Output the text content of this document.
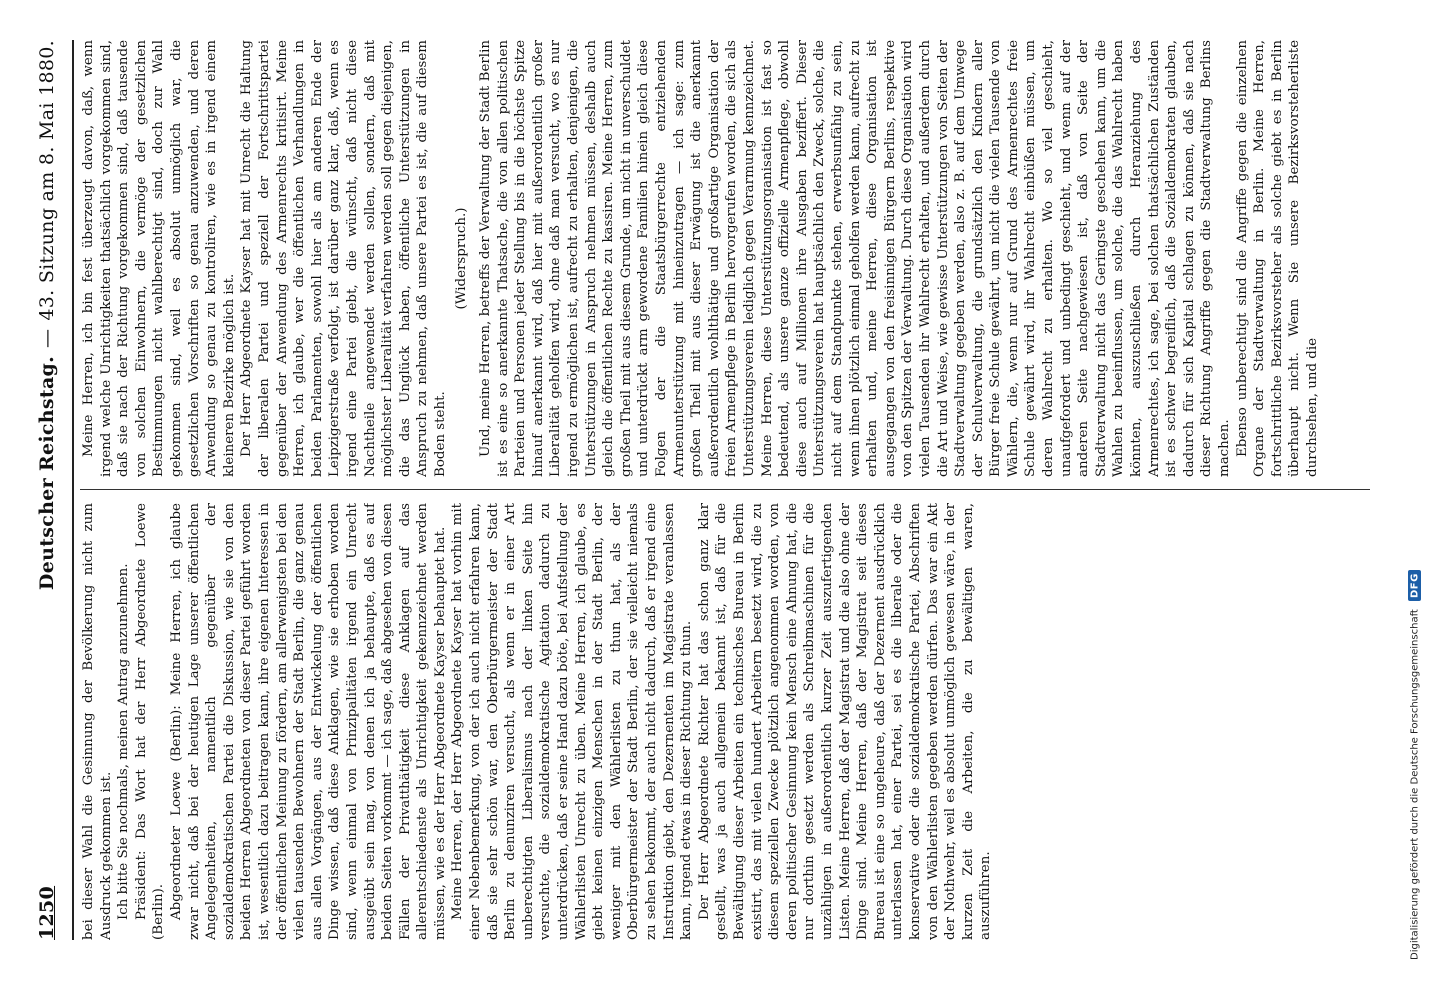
1250
Deutscher Reichstag.
—
43. Sitzung am 8. Mai 1880.

bei dieser Wahl die Gesinnung der Bevölkerung nicht zum Ausdruck gekommen ist. Ich bitte Sie nochmals, meinen Antrag anzunehmen. Präsident: Das Wort hat der Herr Abgeordnete Loewe (Berlin). Abgeordneter Loewe (Berlin): Meine Herren, ich glaube zwar nicht, daß bei der heutigen Lage unserer öffentlichen Angelegenheiten, namentlich gegenüber der sozialdemokratischen Partei die Diskussion, wie sie von den beiden Herren Abgeordneten von dieser Partei geführt worden ist, wesentlich dazu beitragen kann, ihre eigenen Interessen in der öffentlichen Meinung zu fördern, am allerwenigsten bei den vielen tausenden Bewohnern der Stadt Berlin, die ganz genau aus allen Vorgängen, aus der Entwickelung der öffentlichen Dinge wissen, daß diese Anklagen, wie sie erhoben worden sind, wenn einmal von Prinzipalitäten irgend ein Unrecht ausgeübt sein mag, von denen ich ja behaupte, daß es auf beiden Seiten vorkommt — ich sage, daß abgesehen von diesen Fällen der Privatthätigkeit diese Anklagen auf das allerentschiedenste als Unrichtigkeit gekennzeichnet werden müssen, wie es der Herr Abgeordnete Kayser behauptet hat. Meine Herren, der Herr Abgeordnete Kayser hat vorhin mit einer Nebenbemerkung, von der ich auch nicht erfahren kann, daß sie sehr schön war, den Oberbürgermeister der Stadt Berlin zu denunziren versucht, als wenn er in einer Art unberechtigten Liberalismus nach der linken Seite hin versuchte, die sozialdemokratische Agitation dadurch zu unterdrücken, daß er seine Hand dazu böte, bei Aufstellung der Wählerlisten Unrecht zu üben. Meine Herren, ich glaube, es giebt keinen einzigen Menschen in der Stadt Berlin, der weniger mit den Wählerlisten zu thun hat, als der Oberbürgermeister der Stadt Berlin, der sie vielleicht niemals zu sehen bekommt, der auch nicht dadurch, daß er irgend eine Instruktion giebt, den Dezernenten im Magistrate veranlassen kann, irgend etwas in dieser Richtung zu thun. Der Herr Abgeordnete Richter hat das schon ganz klar gestellt, was ja auch allgemein bekannt ist, daß für die Bewältigung dieser Arbeiten ein technisches Bureau in Berlin existirt, das mit vielen hundert Arbeitern besetzt wird, die zu diesem speziellen Zwecke plötzlich angenommen worden, von deren politischer Gesinnung kein Mensch eine Ahnung hat, die nur dorthin gesetzt werden als Schreibmaschinen für die unzähligen in außerordentlich kurzer Zeit auszufertigenden Listen. Meine Herren, daß der Magistrat und die also ohne der Dinge sind. Meine Herren, daß der Magistrat seit dieses Bureau ist eine so ungeheure, daß der Dezernent ausdrücklich unterlassen hat, einer Partei, sei es die liberale oder die konservative oder die sozialdemokratische Partei, Abschriften von den Wählerlisten gegeben werden dürfen. Das war ein Akt der Nothwehr, weil es absolut unmöglich gewesen wäre, in der kurzen Zeit die Arbeiten, die zu bewältigen waren, auszuführen.

Meine Herren, ich bin fest überzeugt davon, daß, wenn irgend welche Unrichtigkeiten thatsächlich vorgekommen sind, daß sie nach der Richtung vorgekommen sind, daß tausende von solchen Einwohnern, die vermöge der gesetzlichen Bestimmungen nicht wahlberechtigt sind, doch zur Wahl gekommen sind, weil es absolut unmöglich war, die gesetzlichen Vorschriften so genau anzuwenden, und deren Anwendung so genau zu kontroliren, wie es in irgend einem kleineren Bezirke möglich ist. Der Herr Abgeordnete Kayser hat mit Unrecht die Haltung der liberalen Partei und speziell der Fortschrittspartei gegenüber der Anwendung des Armenrechts kritisirt. Meine Herren, ich glaube, wer die öffentlichen Verhandlungen in beiden Parlamenten, sowohl hier als am anderen Ende der Leipzigerstraße verfolgt, ist darüber ganz klar, daß, wenn es irgend eine Partei giebt, die wünscht, daß nicht diese Nachtheile angewendet werden sollen, sondern, daß mit möglichster Liberalität verfahren werden soll gegen diejenigen, die das Unglück haben, öffentliche Unterstützungen in Anspruch zu nehmen, daß unsere Partei es ist, die auf diesem Boden steht.

(Widerspruch.) Und, meine Herren, betreffs der Verwaltung der Stadt Berlin ist es eine so anerkannte Thatsache, die von allen politischen Parteien und Personen jeder Stellung bis in die höchste Spitze hinauf anerkannt wird, daß hier mit außerordentlich großer Liberalität geholfen wird, ohne daß man versucht, wo es nur irgend zu ermöglichen ist, aufrecht zu erhalten, denjenigen, die Unterstützungen in Anspruch nehmen müssen, deshalb auch gleich die öffentlichen Rechte zu kassiren. Meine Herren, zum großen Theil mit aus diesem Grunde, um nicht in unverschuldet und unterdrückt arm gewordene Familien hinein gleich diese Folgen der die Staatsbürgerrechte entziehenden Armenunterstützung mit hineinzutragen — ich sage: zum großen Theil mit aus dieser Erwägung ist die anerkannt außerordentlich wohlthätige und großartige Organisation der freien Armenpflege in Berlin hervorgerufen worden, die sich als Unterstützungsverein lediglich gegen Verarmung kennzeichnet. Meine Herren, diese Unterstützungsorganisation ist fast so bedeutend, als unsere ganze offizielle Armenpflege, obwohl diese auch auf Millionen ihre Ausgaben beziffert. Dieser Unterstützungsverein hat hauptsächlich den Zweck, solche, die nicht auf dem Standpunkte stehen, erwerbsunfähig zu sein, wenn ihnen plötzlich einmal geholfen werden kann, aufrecht zu erhalten und, meine Herren, diese Organisation ist ausgegangen von den freisinnigen Bürgern Berlins, respektive von den Spitzen der Verwaltung. Durch diese Organisation wird vielen Tausenden ihr Wahlrecht erhalten, und außerdem durch die Art und Weise, wie gewisse Unterstützungen von Seiten der Stadtverwaltung gegeben werden, also z. B. auf dem Umwege der Schulverwaltung, die grundsätzlich den Kindern aller Bürger freie Schule gewährt, um nicht die vielen Tausende von Wählern, die, wenn nur auf Grund des Armenrechtes freie Schule gewährt wird, ihr Wahlrecht einbüßen müssen, um deren Wahlrecht zu erhalten. Wo so viel geschieht, unaufgefordert und unbedingt geschieht, und wenn auf der anderen Seite nachgewiesen ist, daß von Seite der Stadtverwaltung nicht das Geringste geschehen kann, um die Wahlen zu beeinflussen, um solche, die das Wahlrecht haben könnten, auszuschließen durch Heranziehung des Armenrechtes, ich sage, bei solchen thatsächlichen Zuständen ist es schwer begreiflich, daß die Sozialdemokraten glauben, dadurch für sich Kapital schlagen zu können, daß sie nach dieser Richtung Angriffe gegen die Stadtverwaltung Berlins machen. Ebenso unberechtigt sind die Angriffe gegen die einzelnen Organe der Stadtverwaltung in Berlin. Meine Herren, fortschrittliche Bezirksvorsteher als solche giebt es in Berlin überhaupt nicht. Wenn Sie unsere Bezirksvorsteherliste durchsehen, und die

Digitalisierung gefördert durch die Deutsche Forschungsgemeinschaft
DFG
